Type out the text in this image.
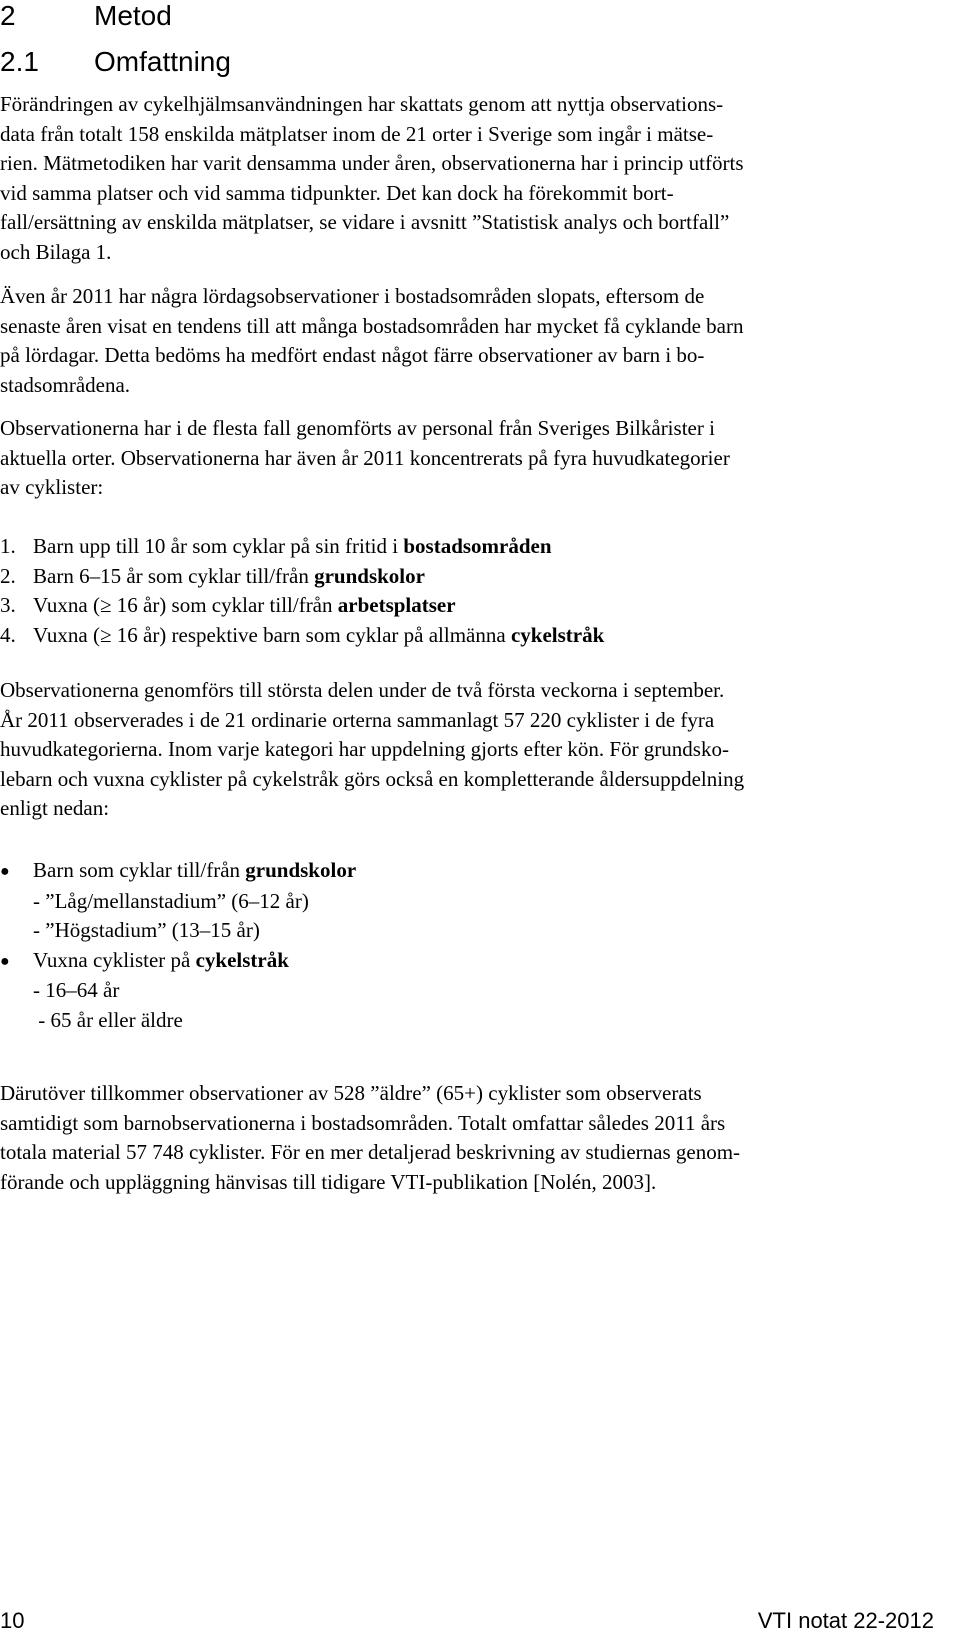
2	Metod
2.1 Omfattning

Förändringen av cykelhjälmsanvändningen har skattats genom att nyttja observations-
data från totalt 158 enskilda mätplatser inom de 21 orter i Sverige som ingår i mätse-
rien. Mätmetodiken har varit densamma under åren, observationerna har i princip utförts
vid samma platser och vid samma tidpunkter. Det kan dock ha förekommit bort-
fall/ersättning av enskilda mätplatser, se vidare i avsnitt ”Statistisk analys och bortfall”
och Bilaga 1.

Även år 2011 har några lördagsobservationer i bostadsområden slopats, eftersom de
senaste åren visat en tendens till att många bostadsområden har mycket få cyklande barn
på lördagar. Detta bedöms ha medfört endast något färre observationer av barn i bo-
stadsområdena.

Observationerna har i de flesta fall genomförts av personal från Sveriges Bilkårister i
aktuella orter. Observationerna har även år 2011 koncentrerats på fyra huvudkategorier
av cyklister:

1. Barn upp till 10 år som cyklar på sin fritid i bostadsområden
2. Barn 6–15 år som cyklar till/från grundskolor
3. Vuxna (≥ 16 år) som cyklar till/från arbetsplatser
4. Vuxna (≥ 16 år) respektive barn som cyklar på allmänna cykelstråk

Observationerna genomförs till största delen under de två första veckorna i september.
År 2011 observerades i de 21 ordinarie orterna sammanlagt 57 220 cyklister i de fyra
huvudkategorierna. Inom varje kategori har uppdelning gjorts efter kön. För grundsko-
lebarn och vuxna cyklister på cykelstråk görs också en kompletterande åldersuppdelning
enligt nedan:

● Barn som cyklar till/från grundskolor
- ”Låg/mellanstadium” (6–12 år)
- ”Högstadium” (13–15 år)
● Vuxna cyklister på cykelstråk
- 16–64 år
- 65 år eller äldre

Därutöver tillkommer observationer av 528 ”äldre” (65+) cyklister som observerats
samtidigt som barnobservationerna i bostadsområden. Totalt omfattar således 2011 års
totala material 57 748 cyklister. För en mer detaljerad beskrivning av studiernas genom-
förande och uppläggning hänvisas till tidigare VTI-publikation [Nolén, 2003].

10	VTI notat 22-2012
